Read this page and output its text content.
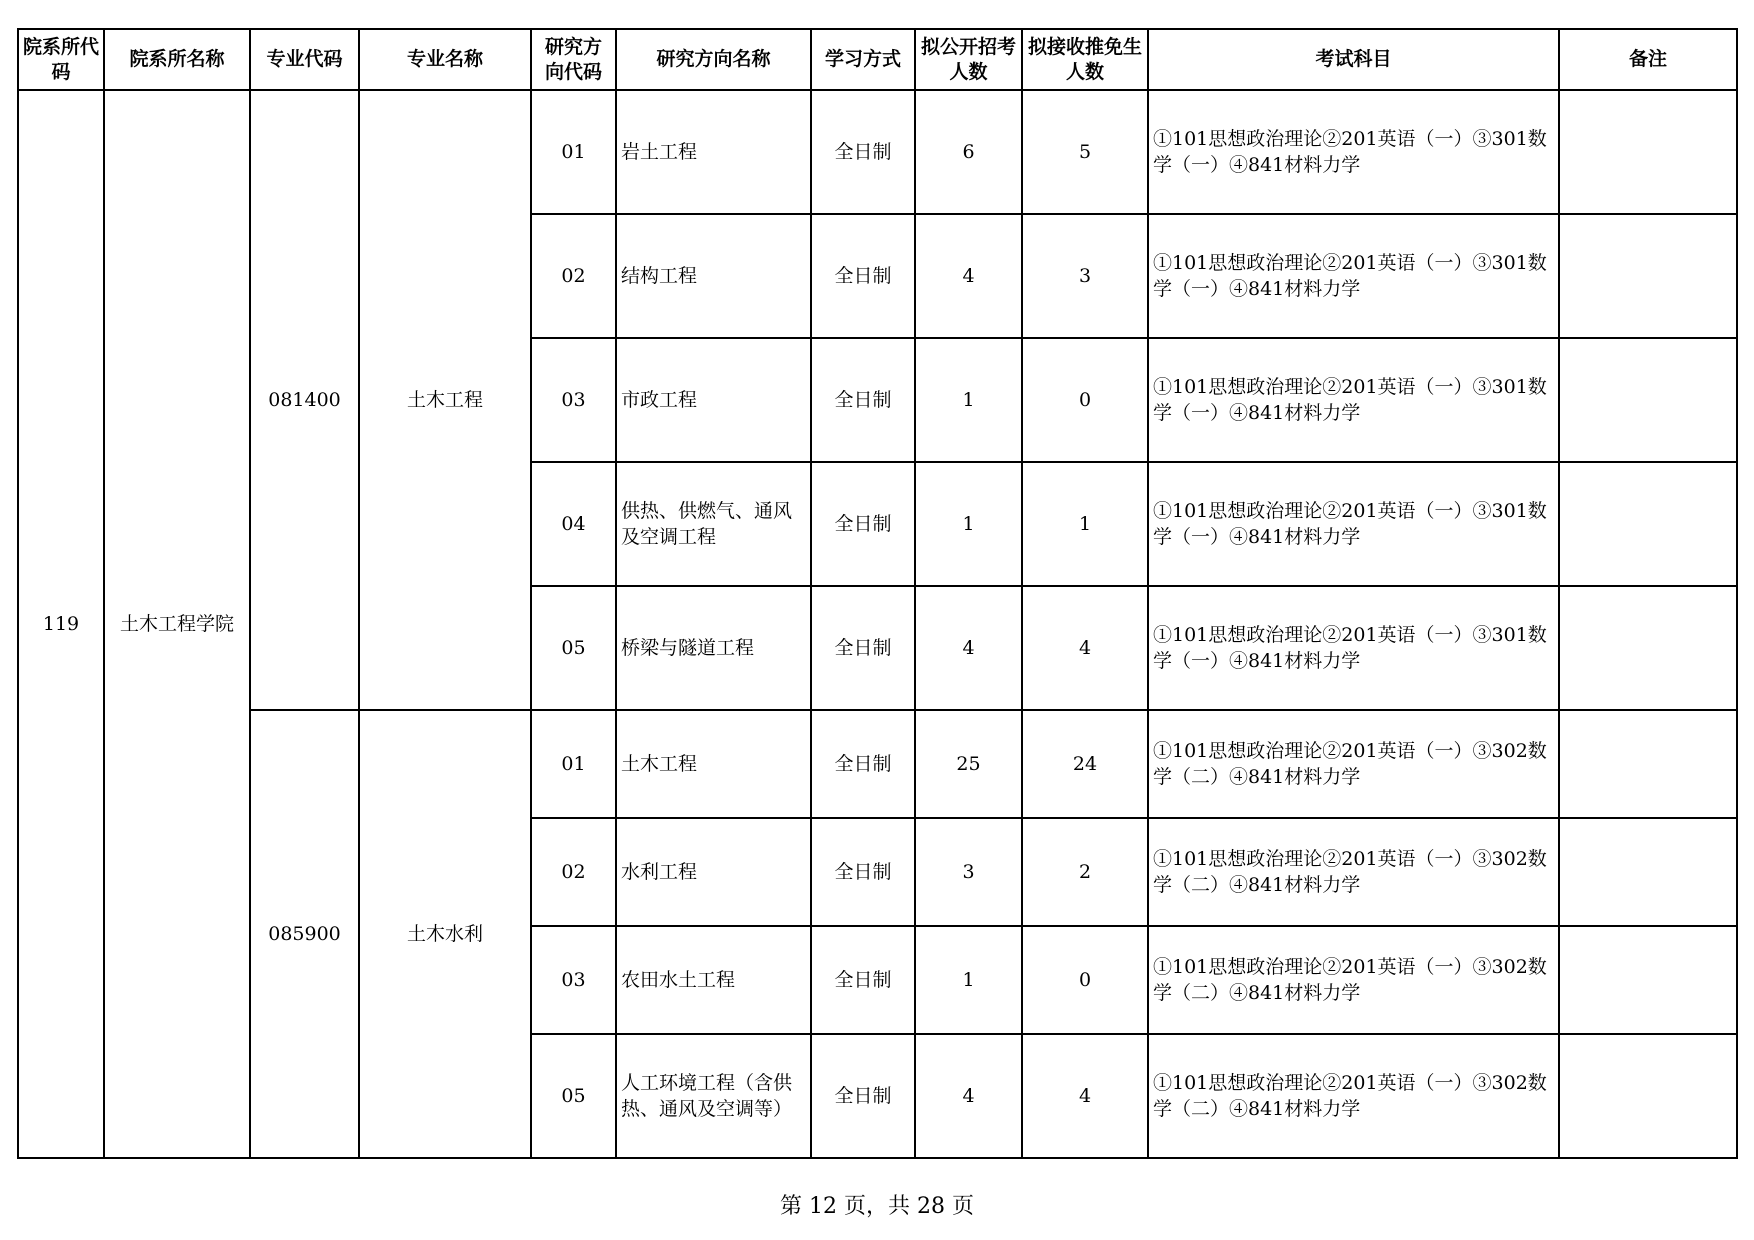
院系所代码	院系所名称	专业代码	专业名称	研究方向代码	研究方向名称	学习方式	拟公开招考人数	拟接收推免生人数	考试科目	备注
119	土木工程学院	081400	土木工程	01	岩土工程	全日制	6	5	①101思想政治理论②201英语（一）③301数学（一）④841材料力学	
				02	结构工程	全日制	4	3	①101思想政治理论②201英语（一）③301数学（一）④841材料力学	
				03	市政工程	全日制	1	0	①101思想政治理论②201英语（一）③301数学（一）④841材料力学	
				04	供热、供燃气、通风及空调工程	全日制	1	1	①101思想政治理论②201英语（一）③301数学（一）④841材料力学	
				05	桥梁与隧道工程	全日制	4	4	①101思想政治理论②201英语（一）③301数学（一）④841材料力学	
		085900	土木水利	01	土木工程	全日制	25	24	①101思想政治理论②201英语（一）③302数学（二）④841材料力学	
				02	水利工程	全日制	3	2	①101思想政治理论②201英语（一）③302数学（二）④841材料力学	
				03	农田水土工程	全日制	1	0	①101思想政治理论②201英语（一）③302数学（二）④841材料力学	
				05	人工环境工程（含供热、通风及空调等）	全日制	4	4	①101思想政治理论②201英语（一）③302数学（二）④841材料力学	
第 12 页，共 28 页
